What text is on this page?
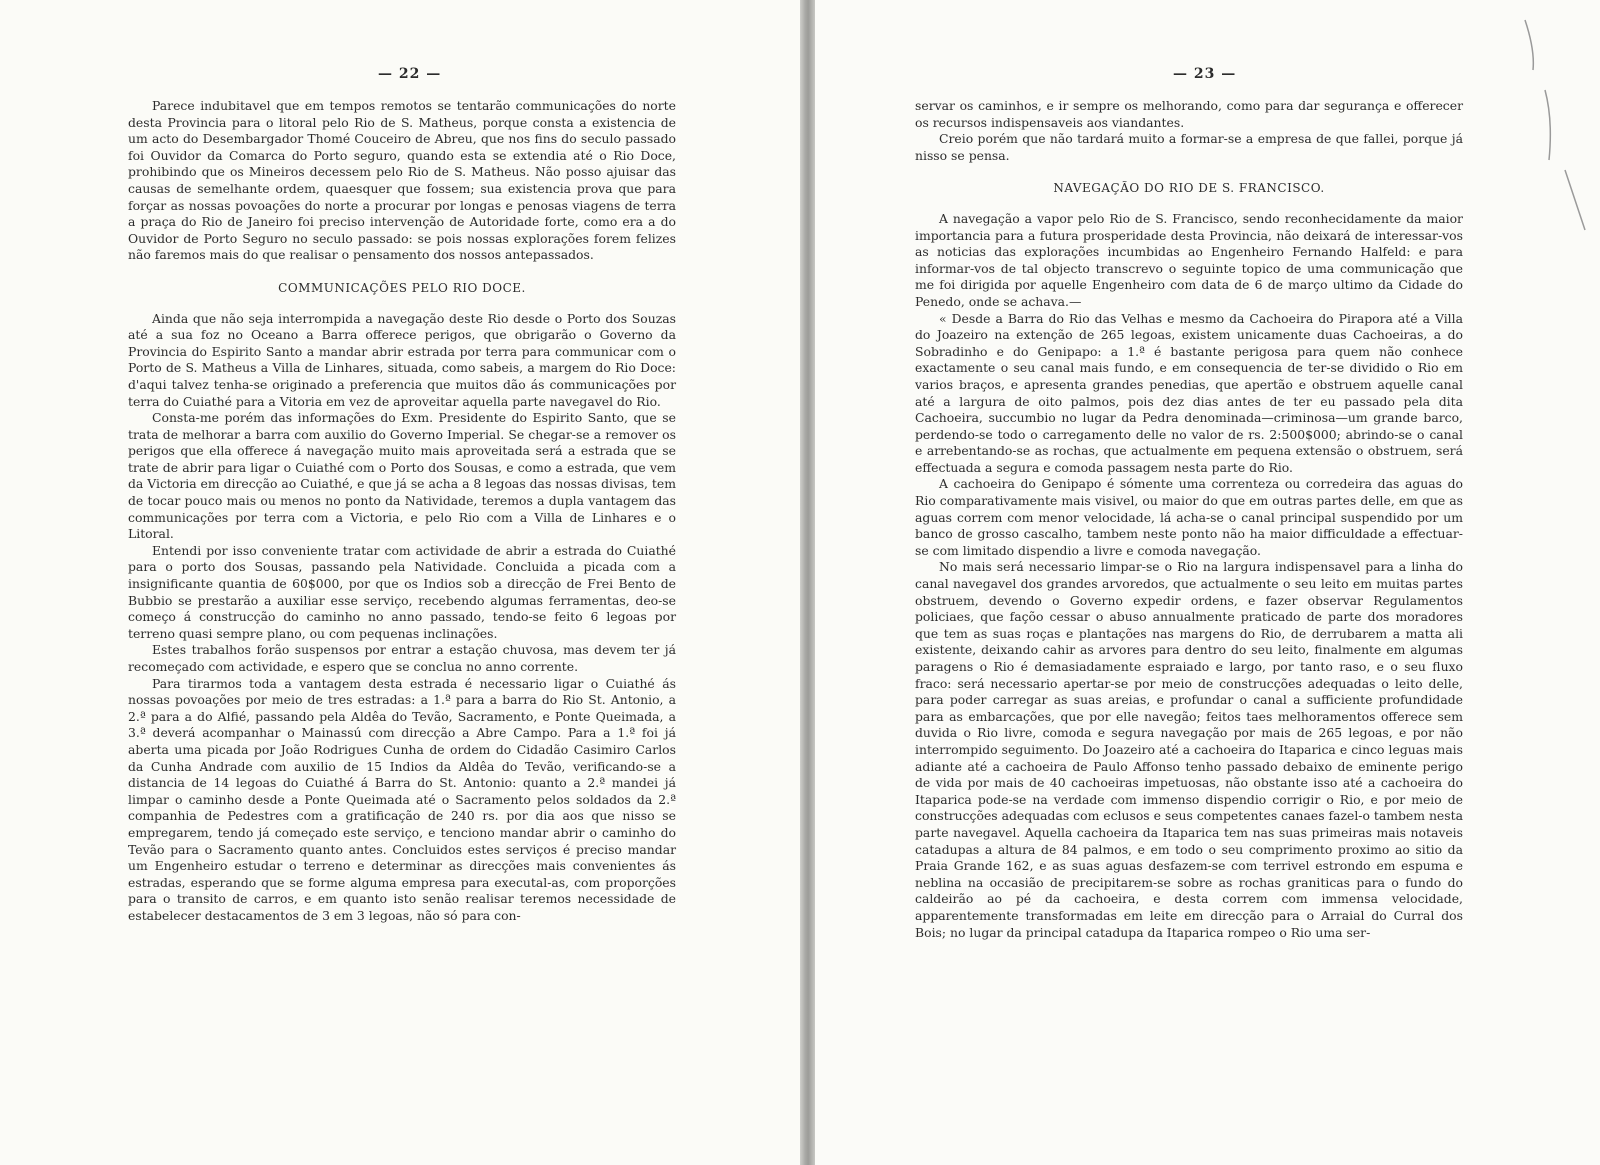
— 22 —

Parece indubitavel que em tempos remotos se tentarão communicações do norte desta Provincia para o litoral pelo Rio de S. Matheus, porque consta a existencia de um acto do Desembargador Thomé Couceiro de Abreu, que nos fins do seculo passado foi Ouvidor da Comarca do Porto seguro, quando esta se extendia até o Rio Doce, prohibindo que os Mineiros decessem pelo Rio de S. Matheus. Não posso ajuisar das causas de semelhante ordem, quaesquer que fossem; sua existencia prova que para forçar as nossas povoações do norte a procurar por longas e penosas viagens de terra a praça do Rio de Janeiro foi preciso intervenção de Autoridade forte, como era a do Ouvidor de Porto Seguro no seculo passado: se pois nossas explorações forem felizes não faremos mais do que realisar o pensamento dos nossos antepassados.

COMMUNICAÇÕES PELO RIO DOCE.

Ainda que não seja interrompida a navegação deste Rio desde o Porto dos Souzas até a sua foz no Oceano a Barra offerece perigos, que obrigarão o Governo da Provincia do Espirito Santo a mandar abrir estrada por terra para communicar com o Porto de S. Matheus a Villa de Linhares, situada, como sabeis, a margem do Rio Doce: d'aqui talvez tenha-se originado a preferencia que muitos dão ás communicações por terra do Cuiathé para a Vitoria em vez de aproveitar aquella parte navegavel do Rio.

Consta-me porém das informações do Exm. Presidente do Espirito Santo, que se trata de melhorar a barra com auxilio do Governo Imperial. Se chegar-se a remover os perigos que ella offerece á navegação muito mais aproveitada será a estrada que se trate de abrir para ligar o Cuiathé com o Porto dos Sousas, e como a estrada, que vem da Victoria em direcção ao Cuiathé, e que já se acha a 8 legoas das nossas divisas, tem de tocar pouco mais ou menos no ponto da Natividade, teremos a dupla vantagem das communicações por terra com a Victoria, e pelo Rio com a Villa de Linhares e o Litoral.

Entendi por isso conveniente tratar com actividade de abrir a estrada do Cuiathé para o porto dos Sousas, passando pela Natividade. Concluida a picada com a insignificante quantia de 60$000, por que os Indios sob a direcção de Frei Bento de Bubbio se prestarão a auxiliar esse serviço, recebendo algumas ferramentas, deo-se começo á construcção do caminho no anno passado, tendo-se feito 6 legoas por terreno quasi sempre plano, ou com pequenas inclinações.

Estes trabalhos forão suspensos por entrar a estação chuvosa, mas devem ter já recomeçado com actividade, e espero que se conclua no anno corrente.

Para tirarmos toda a vantagem desta estrada é necessario ligar o Cuiathé ás nossas povoações por meio de tres estradas: a 1.ª para a barra do Rio St. Antonio, a 2.ª para a do Alfié, passando pela Aldêa do Tevão, Sacramento, e Ponte Queimada, a 3.ª deverá acompanhar o Mainassú com direcção a Abre Campo. Para a 1.ª foi já aberta uma picada por João Rodrigues Cunha de ordem do Cidadão Casimiro Carlos da Cunha Andrade com auxilio de 15 Indios da Aldêa do Tevão, verificando-se a distancia de 14 legoas do Cuiathé á Barra do St. Antonio: quanto a 2.ª mandei já limpar o caminho desde a Ponte Queimada até o Sacramento pelos soldados da 2.ª companhia de Pedestres com a gratificação de 240 rs. por dia aos que nisso se empregarem, tendo já começado este serviço, e tenciono mandar abrir o caminho do Tevão para o Sacramento quanto antes. Concluidos estes serviços é preciso mandar um Engenheiro estudar o terreno e determinar as direcções mais convenientes ás estradas, esperando que se forme alguma empresa para executal-as, com proporções para o transito de carros, e em quanto isto senão realisar teremos necessidade de estabelecer destacamentos de 3 em 3 legoas, não só para con-

— 23 —

servar os caminhos, e ir sempre os melhorando, como para dar segurança e offerecer os recursos indispensaveis aos viandantes.

Creio porém que não tardará muito a formar-se a empresa de que fallei, porque já nisso se pensa.

NAVEGAÇÃO DO RIO DE S. FRANCISCO.

A navegação a vapor pelo Rio de S. Francisco, sendo reconhecidamente da maior importancia para a futura prosperidade desta Provincia, não deixará de interessar-vos as noticias das explorações incumbidas ao Engenheiro Fernando Halfeld: e para informar-vos de tal objecto transcrevo o seguinte topico de uma communicação que me foi dirigida por aquelle Engenheiro com data de 6 de março ultimo da Cidade do Penedo, onde se achava.—

« Desde a Barra do Rio das Velhas e mesmo da Cachoeira do Pirapora até a Villa do Joazeiro na extenção de 265 legoas, existem unicamente duas Cachoeiras, a do Sobradinho e do Genipapo: a 1.ª é bastante perigosa para quem não conhece exactamente o seu canal mais fundo, e em consequencia de ter-se dividido o Rio em varios braços, e apresenta grandes penedias, que apertão e obstruem aquelle canal até a largura de oito palmos, pois dez dias antes de ter eu passado pela dita Cachoeira, succumbio no lugar da Pedra denominada—criminosa—um grande barco, perdendo-se todo o carregamento delle no valor de rs. 2:500$000; abrindo-se o canal e arrebentando-se as rochas, que actualmente em pequena extensão o obstruem, será effectuada a segura e comoda passagem nesta parte do Rio.

A cachoeira do Genipapo é sómente uma correnteza ou corredeira das aguas do Rio comparativamente mais visivel, ou maior do que em outras partes delle, em que as aguas correm com menor velocidade, lá acha-se o canal principal suspendido por um banco de grosso cascalho, tambem neste ponto não ha maior difficuldade a effectuar-se com limitado dispendio a livre e comoda navegação.

No mais será necessario limpar-se o Rio na largura indispensavel para a linha do canal navegavel dos grandes arvoredos, que actualmente o seu leito em muitas partes obstruem, devendo o Governo expedir ordens, e fazer observar Regulamentos policiaes, que façõo cessar o abuso annualmente praticado de parte dos moradores que tem as suas roças e plantações nas margens do Rio, de derrubarem a matta ali existente, deixando cahir as arvores para dentro do seu leito, finalmente em algumas paragens o Rio é demasiadamente espraiado e largo, por tanto raso, e o seu fluxo fraco: será necessario apertar-se por meio de construcções adequadas o leito delle, para poder carregar as suas areias, e profundar o canal a sufficiente profundidade para as embarcações, que por elle navegão; feitos taes melhoramentos offerece sem duvida o Rio livre, comoda e segura navegação por mais de 265 legoas, e por não interrompido seguimento. Do Joazeiro até a cachoeira do Itaparica e cinco leguas mais adiante até a cachoeira de Paulo Affonso tenho passado debaixo de eminente perigo de vida por mais de 40 cachoeiras impetuosas, não obstante isso até a cachoeira do Itaparica pode-se na verdade com immenso dispendio corrigir o Rio, e por meio de construcções adequadas com eclusos e seus competentes canaes fazel-o tambem nesta parte navegavel. Aquella cachoeira da Itaparica tem nas suas primeiras mais notaveis catadupas a altura de 84 palmos, e em todo o seu comprimento proximo ao sitio da Praia Grande 162, e as suas aguas desfazem-se com terrivel estrondo em espuma e neblina na occasião de precipitarem-se sobre as rochas graniticas para o fundo do caldeirão ao pé da cachoeira, e desta correm com immensa velocidade, apparentemente transformadas em leite em direcção para o Arraial do Curral dos Bois; no lugar da principal catadupa da Itaparica rompeo o Rio uma ser-
